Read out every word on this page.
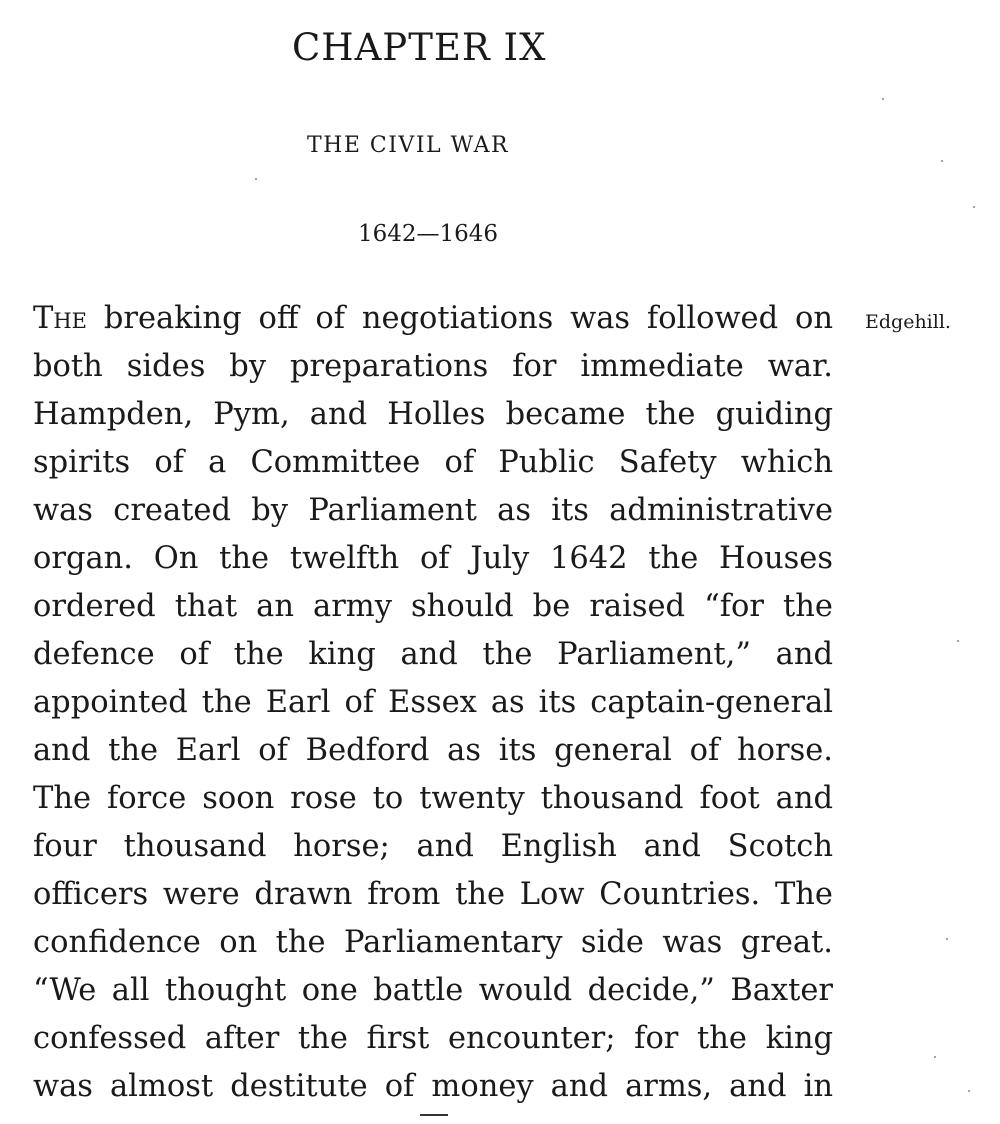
CHAPTER IX
THE CIVIL WAR
1642—1646
Edgehill.
The breaking off of negotiations was followed on
both sides by preparations for immediate war.
Hampden, Pym, and Holles became the guiding
spirits of a Committee of Public Safety which
was created by Parliament as its administrative
organ. On the twelfth of July 1642 the Houses
ordered that an army should be raised “for the
defence of the king and the Parliament,” and
appointed the Earl of Essex as its captain-general
and the Earl of Bedford as its general of horse.
The force soon rose to twenty thousand foot and
four thousand horse; and English and Scotch
officers were drawn from the Low Countries. The
confidence on the Parliamentary side was great.
“We all thought one battle would decide,” Baxter
confessed after the first encounter; for the king
was almost destitute of money and arms, and in
